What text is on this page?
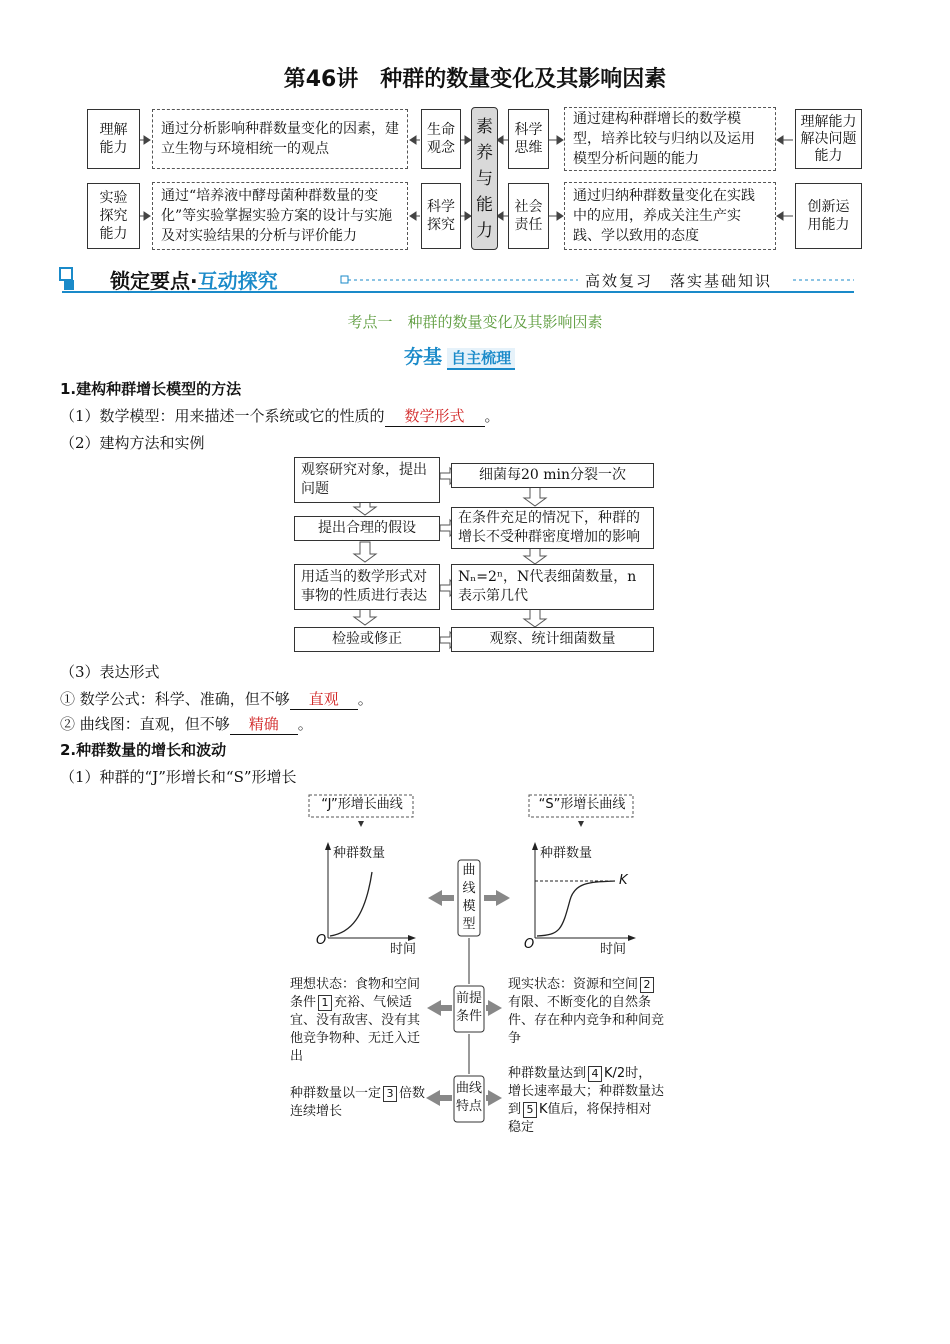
第46讲　种群的数量变化及其影响因素
理解能力
通过分析影响种群数量变化的因素，建立生物与环境相统一的观点
生命观念
素养与能力
科学思维
通过建构种群增长的数学模型，培养比较与归纳以及运用模型分析问题的能力
理解能力解决问题能力
实验探究能力
通过“培养液中酵母菌种群数量的变化”等实验掌握实验方案的设计与实施及对实验结果的分析与评价能力
科学探究
社会责任
通过归纳种群数量变化在实践中的应用，养成关注生产实践、学以致用的态度
创新运用能力
锁定要点·互动探究	高效复习　落实基础知识
考点一　种群的数量变化及其影响因素
夯基 自主梳理
1.建构种群增长模型的方法
（1）数学模型：用来描述一个系统或它的性质的 数学形式 。
（2）建构方法和实例
观察研究对象，提出问题
提出合理的假设
用适当的数学形式对事物的性质进行表达
检验或修正
细菌每20 min分裂一次
在条件充足的情况下，种群的增长不受种群密度增加的影响
Nₙ=2ⁿ，N代表细菌数量，n表示第几代
观察、统计细菌数量
（3）表达形式
① 数学公式：科学、准确，但不够 直观 。
② 曲线图：直观，但不够 精确 。
2.种群数量的增长和波动
（1）种群的“J”形增长和“S”形增长
“J”形增长曲线	“S”形增长曲线
种群数量	种群数量
时间	时间
O	O
K
曲线模型
前提条件
曲线特点
理想状态：食物和空间条件 1 充裕、气候适宜、没有敌害、没有其他竞争物种、无迁入迁出
现实状态：资源和空间 2有限、不断变化的自然条件、存在种内竞争和种间竞争
种群数量以一定 3 倍数连续增长
种群数量达到 4 K/2时，增长速率最大；种群数量达到 5 K值后，将保持相对稳定
